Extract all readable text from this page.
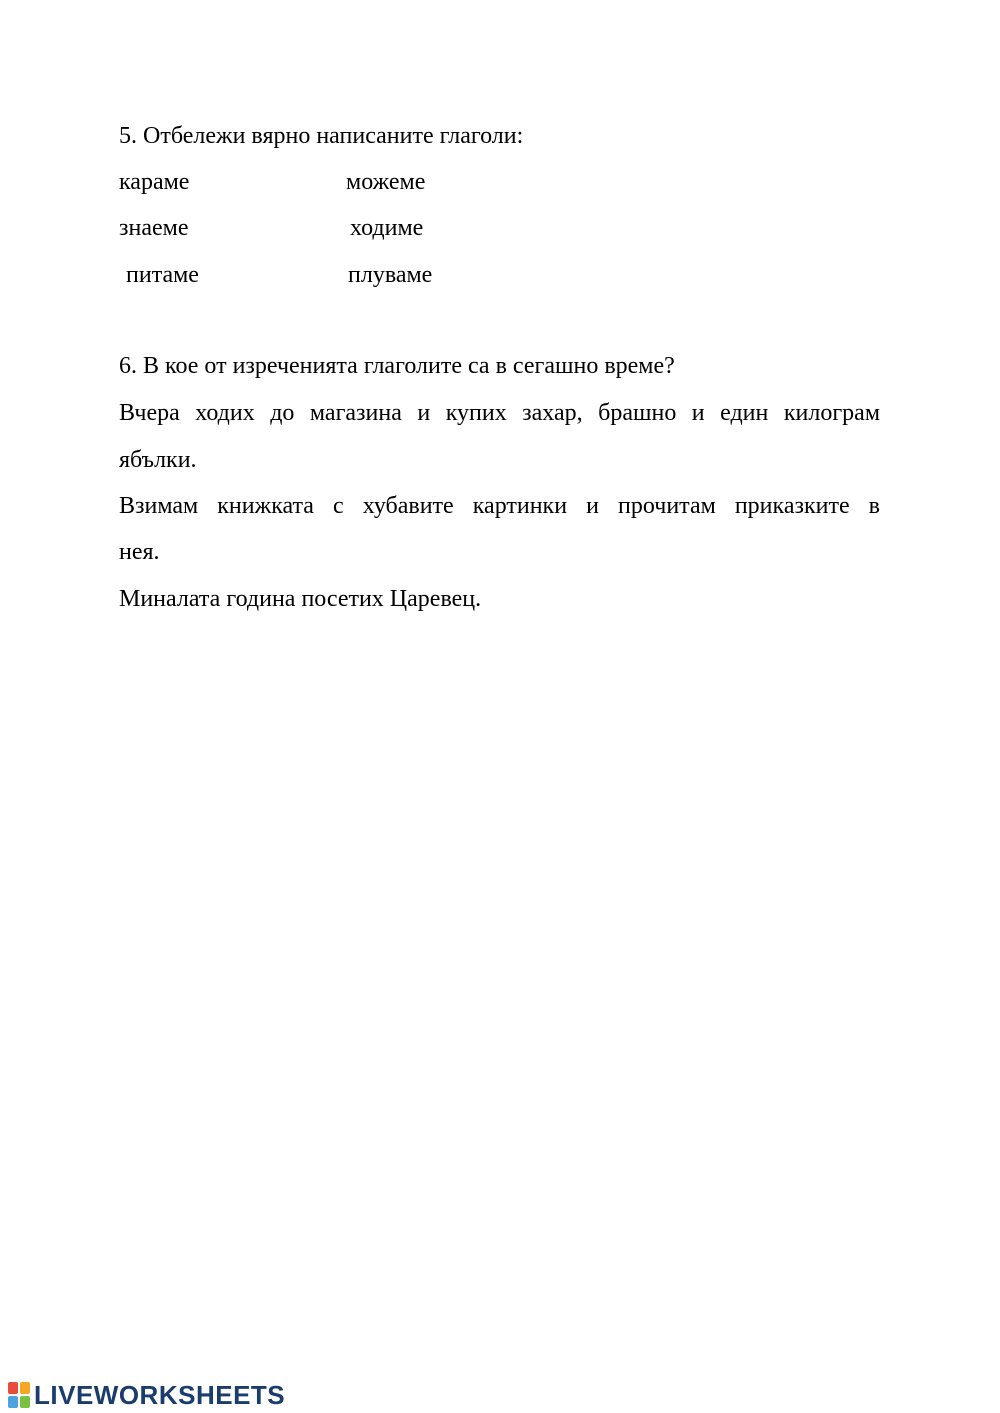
5. Отбележи вярно написаните глаголи:
караме	можеме
знаеме	ходиме
питаме	плуваме
6. В кое от изреченията глаголите са в сегашно време?
Вчера ходих до магазина и купих захар, брашно и един килограм
ябълки.
Взимам книжката с хубавите картинки и прочитам приказките в
нея.
Миналата година посетих Царевец.
LIVEWORKSHEETS
